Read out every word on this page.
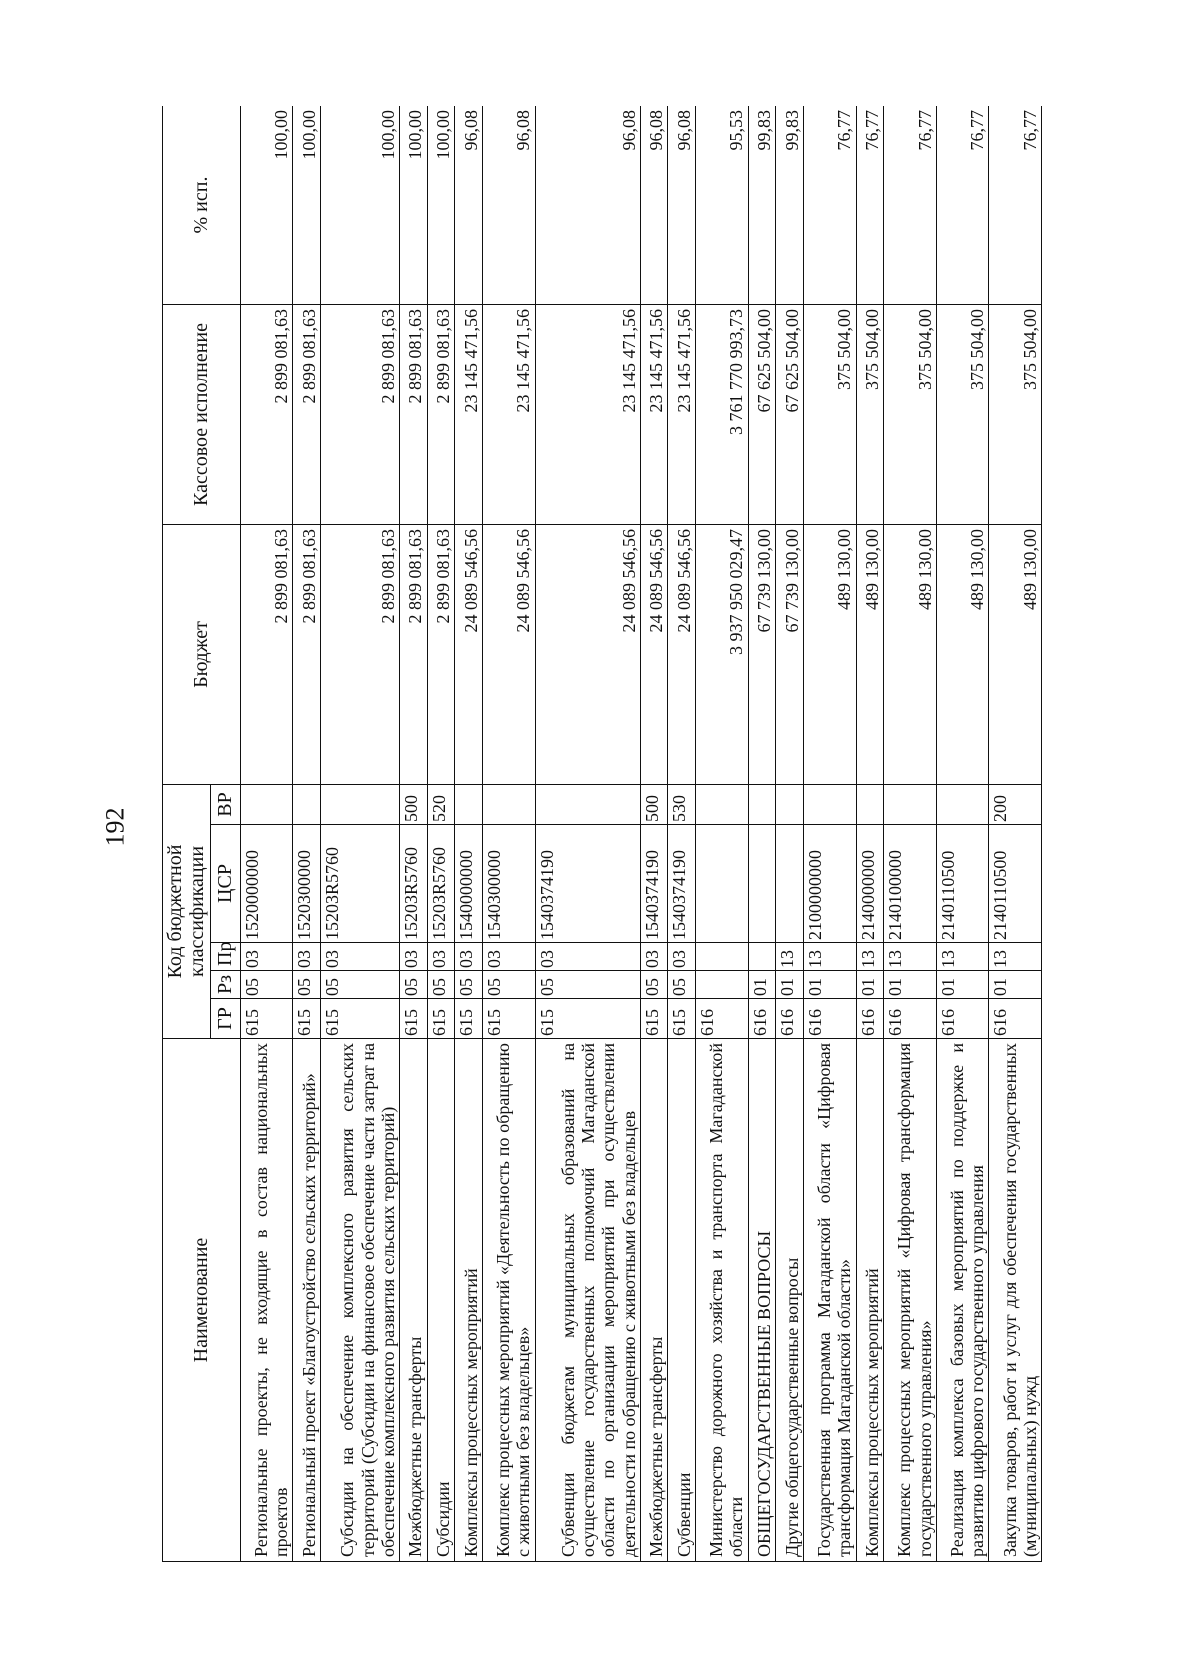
192
Наименование	Код бюджетной классификации					Бюджет	Кассовое исполнение	% исп.
	ГР	Рз	Пр	ЦСР	ВР			
Региональные проекты, не входящие в состав национальных проектов	615	05	03	1520000000		2 899 081,63	2 899 081,63	100,00
Региональный проект «Благоустройство сельских территорий»	615	05	03	1520300000		2 899 081,63	2 899 081,63	100,00
Субсидии на обеспечение комплексного развития сельских территорий (Субсидии на финансовое обеспечение части затрат на обеспечение комплексного развития сельских территорий)	615	05	03	15203R5760		2 899 081,63	2 899 081,63	100,00
Межбюджетные трансферты	615	05	03	15203R5760	500	2 899 081,63	2 899 081,63	100,00
Субсидии	615	05	03	15203R5760	520	2 899 081,63	2 899 081,63	100,00
Комплексы процессных мероприятий	615	05	03	1540000000		24 089 546,56	23 145 471,56	96,08
Комплекс процессных мероприятий «Деятельность по обращению с животными без владельцев»	615	05	03	1540300000		24 089 546,56	23 145 471,56	96,08
Субвенции бюджетам муниципальных образований на осуществление государственных полномочий Магаданской области по организации мероприятий при осуществлении деятельности по обращению с животными без владельцев	615	05	03	1540374190		24 089 546,56	23 145 471,56	96,08
Межбюджетные трансферты	615	05	03	1540374190	500	24 089 546,56	23 145 471,56	96,08
Субвенции	615	05	03	1540374190	530	24 089 546,56	23 145 471,56	96,08
Министерство дорожного хозяйства и транспорта Магаданской области	616					3 937 950 029,47	3 761 770 993,73	95,53
ОБЩЕГОСУДАРСТВЕННЫЕ ВОПРОСЫ	616	01				67 739 130,00	67 625 504,00	99,83
Другие общегосударственные вопросы	616	01	13			67 739 130,00	67 625 504,00	99,83
Государственная программа Магаданской области «Цифровая трансформация Магаданской области»	616	01	13	2100000000		489 130,00	375 504,00	76,77
Комплексы процессных мероприятий	616	01	13	2140000000		489 130,00	375 504,00	76,77
Комплекс процессных мероприятий «Цифровая трансформация государственного управления»	616	01	13	2140100000		489 130,00	375 504,00	76,77
Реализация комплекса базовых мероприятий по поддержке и развитию цифрового государственного управления	616	01	13	2140110500		489 130,00	375 504,00	76,77
Закупка товаров, работ и услуг для обеспечения государственных (муниципальных) нужд	616	01	13	2140110500	200	489 130,00	375 504,00	76,77
